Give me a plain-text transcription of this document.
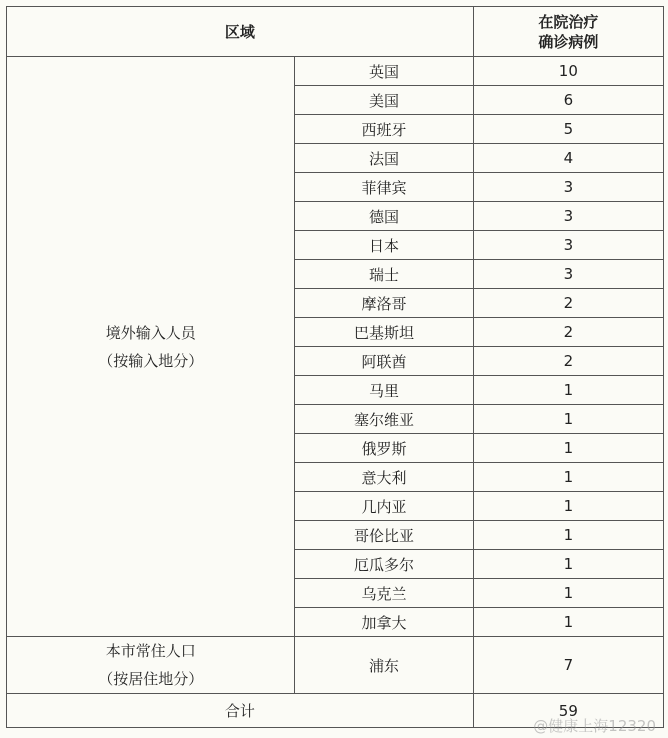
区域		在院治疗
确诊病例
境外输入人员
（按输入地分）	英国	10
	美国	6
	西班牙	5
	法国	4
	菲律宾	3
	德国	3
	日本	3
	瑞士	3
	摩洛哥	2
	巴基斯坦	2
	阿联酋	2
	马里	1
	塞尔维亚	1
	俄罗斯	1
	意大利	1
	几内亚	1
	哥伦比亚	1
	厄瓜多尔	1
	乌克兰	1
	加拿大	1
本市常住人口
（按居住地分）	浦东	7
合计		59
@健康上海12320
